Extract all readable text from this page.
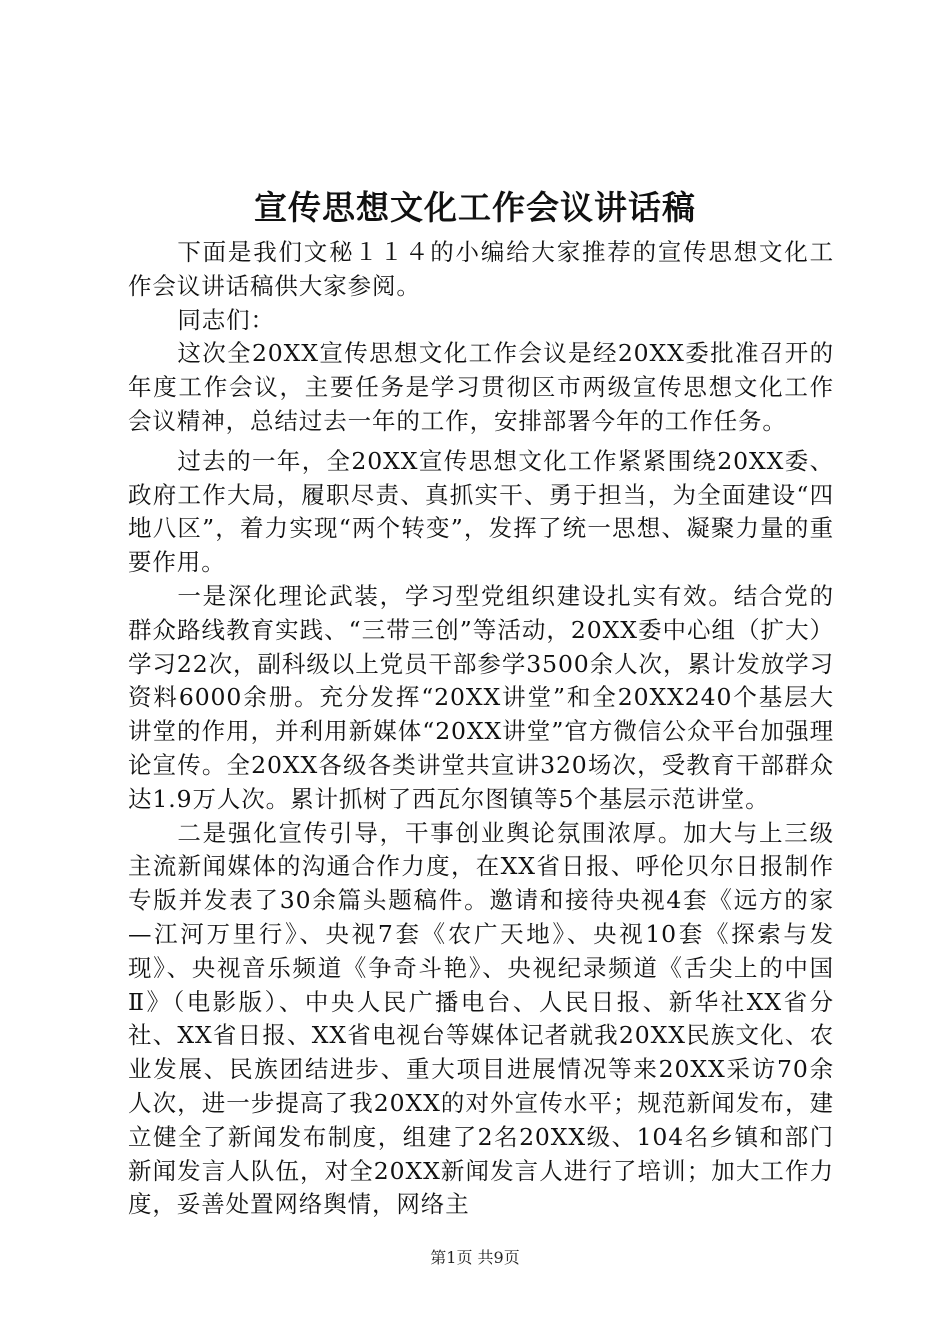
宣传思想文化工作会议讲话稿

下面是我们文秘１１４的小编给大家推荐的宣传思想文化工作会议讲话稿供大家参阅。

同志们：

这次全20XX宣传思想文化工作会议是经20XX委批准召开的年度工作会议，主要任务是学习贯彻区市两级宣传思想文化工作会议精神，总结过去一年的工作，安排部署今年的工作任务。

过去的一年，全20XX宣传思想文化工作紧紧围绕20XX委、政府工作大局，履职尽责、真抓实干、勇于担当，为全面建设“四地八区”，着力实现“两个转变”，发挥了统一思想、凝聚力量的重要作用。

一是深化理论武装，学习型党组织建设扎实有效。结合党的群众路线教育实践、“三带三创”等活动，20XX委中心组（扩大）学习22次，副科级以上党员干部参学3500余人次，累计发放学习资料6000余册。充分发挥“20XX讲堂”和全20XX240个基层大讲堂的作用，并利用新媒体“20XX讲堂”官方微信公众平台加强理论宣传。全20XX各级各类讲堂共宣讲320场次，受教育干部群众达1.9万人次。累计抓树了西瓦尔图镇等5个基层示范讲堂。

二是强化宣传引导，干事创业舆论氛围浓厚。加大与上三级主流新闻媒体的沟通合作力度，在XX省日报、呼伦贝尔日报制作专版并发表了30余篇头题稿件。邀请和接待央视4套《远方的家—江河万里行》、央视7套《农广天地》、央视10套《探索与发现》、央视音乐频道《争奇斗艳》、央视纪录频道《舌尖上的中国Ⅱ》（电影版）、中央人民广播电台、人民日报、新华社XX省分社、XX省日报、XX省电视台等媒体记者就我20XX民族文化、农业发展、民族团结进步、重大项目进展情况等来20XX采访70余人次，进一步提高了我20XX的对外宣传水平；规范新闻发布，建立健全了新闻发布制度，组建了2名20XX级、104名乡镇和部门新闻发言人队伍，对全20XX新闻发言人进行了培训；加大工作力度，妥善处置网络舆情，网络主

第1页 共9页
